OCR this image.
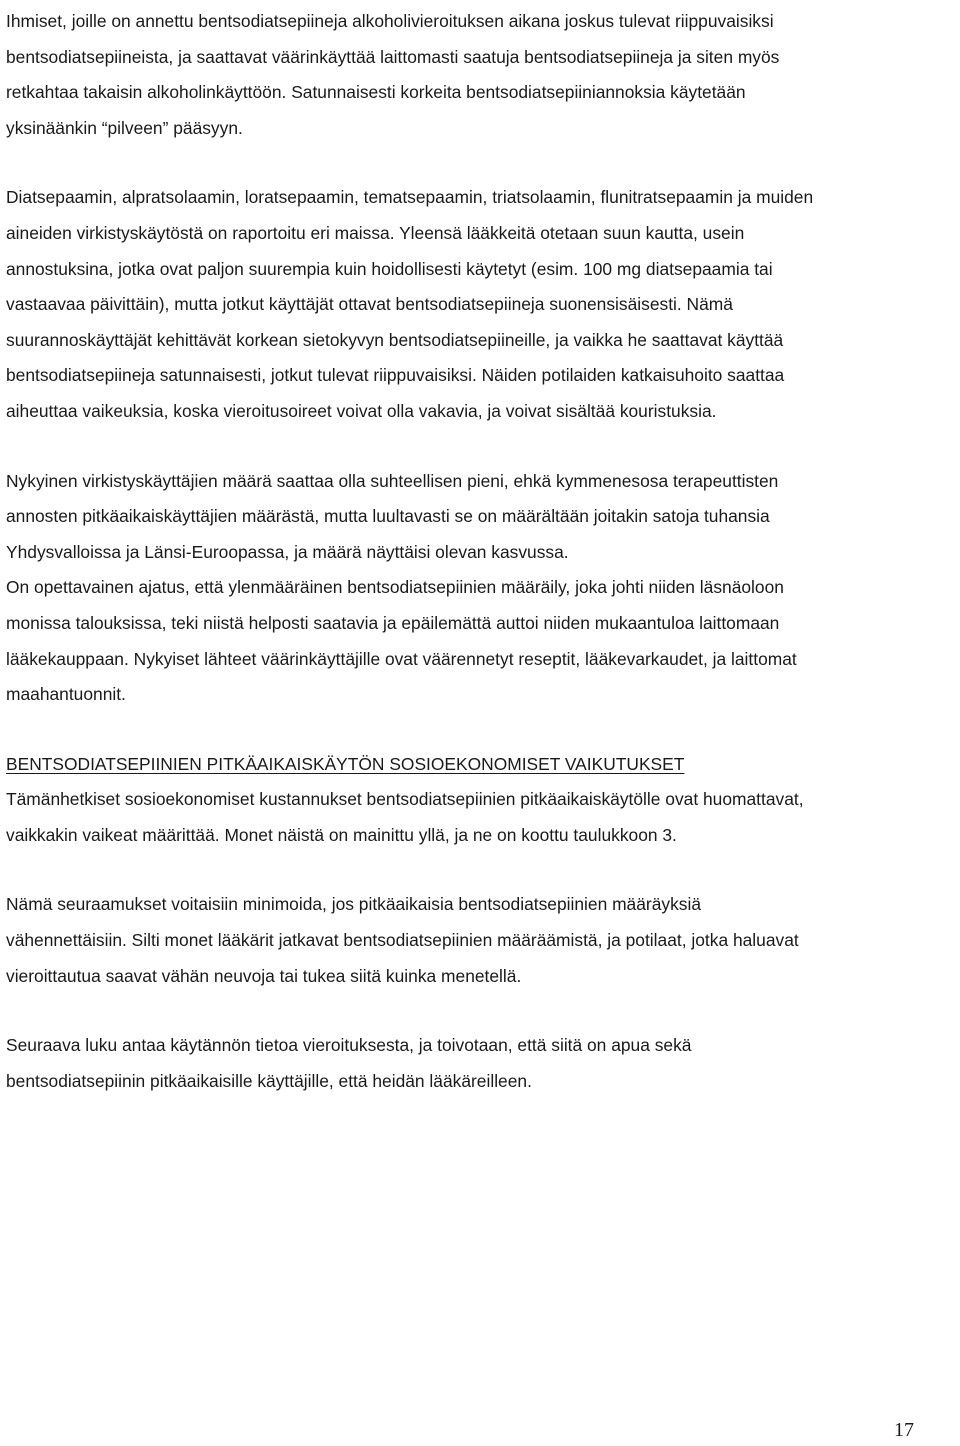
Ihmiset, joille on annettu bentsodiatsepiineja alkoholivieroituksen aikana joskus tulevat riippuvaisiksi
bentsodiatsepiineista, ja saattavat väärinkäyttää laittomasti saatuja bentsodiatsepiineja ja siten myös
retkahtaa takaisin alkoholinkäyttöön. Satunnaisesti korkeita bentsodiatsepiiniannoksia käytetään
yksinäänkin “pilveen” pääsyyn.

Diatsepaamin, alpratsolaamin, loratsepaamin, tematsepaamin, triatsolaamin, flunitratsepaamin ja muiden
aineiden virkistyskäytöstä on raportoitu eri maissa. Yleensä lääkkeitä otetaan suun kautta, usein
annostuksina, jotka ovat paljon suurempia kuin hoidollisesti käytetyt (esim. 100 mg diatsepaamia tai
vastaavaa päivittäin), mutta jotkut käyttäjät ottavat bentsodiatsepiineja suonensisäisesti. Nämä
suurannoskäyttäjät kehittävät korkean sietokyvyn bentsodiatsepiineille, ja vaikka he saattavat käyttää
bentsodiatsepiineja satunnaisesti, jotkut tulevat riippuvaisiksi. Näiden potilaiden katkaisuhoito saattaa
aiheuttaa vaikeuksia, koska vieroitusoireet voivat olla vakavia, ja voivat sisältää kouristuksia.

Nykyinen virkistyskäyttäjien määrä saattaa olla suhteellisen pieni, ehkä kymmenesosa terapeuttisten
annosten pitkäaikaiskäyttäjien määrästä, mutta luultavasti se on määrältään joitakin satoja tuhansia
Yhdysvalloissa ja Länsi-Euroopassa, ja määrä näyttäisi olevan kasvussa.
On opettavainen ajatus, että ylenmääräinen bentsodiatsepiinien määräily, joka johti niiden läsnäoloon
monissa talouksissa, teki niistä helposti saatavia ja epäilemättä auttoi niiden mukaantuloa laittomaan
lääkekauppaan. Nykyiset lähteet väärinkäyttäjille ovat väärennetyt reseptit, lääkevarkaudet, ja laittomat
maahantuonnit.

BENTSODIATSEPIINIEN PITKÄAIKAISKÄYTÖN SOSIOEKONOMISET VAIKUTUKSET
Tämänhetkiset sosioekonomiset kustannukset bentsodiatsepiinien pitkäaikaiskäytölle ovat huomattavat,
vaikkakin vaikeat määrittää. Monet näistä on mainittu yllä, ja ne on koottu taulukkoon 3.

Nämä seuraamukset voitaisiin minimoida, jos pitkäaikaisia bentsodiatsepiinien määräyksiä
vähennettäisiin. Silti monet lääkärit jatkavat bentsodiatsepiinien määräämistä, ja potilaat, jotka haluavat
vieroittautua saavat vähän neuvoja tai tukea siitä kuinka menetellä.

Seuraava luku antaa käytännön tietoa vieroituksesta, ja toivotaan, että siitä on apua sekä
bentsodiatsepiinin pitkäaikaisille käyttäjille, että heidän lääkäreilleen.

17
